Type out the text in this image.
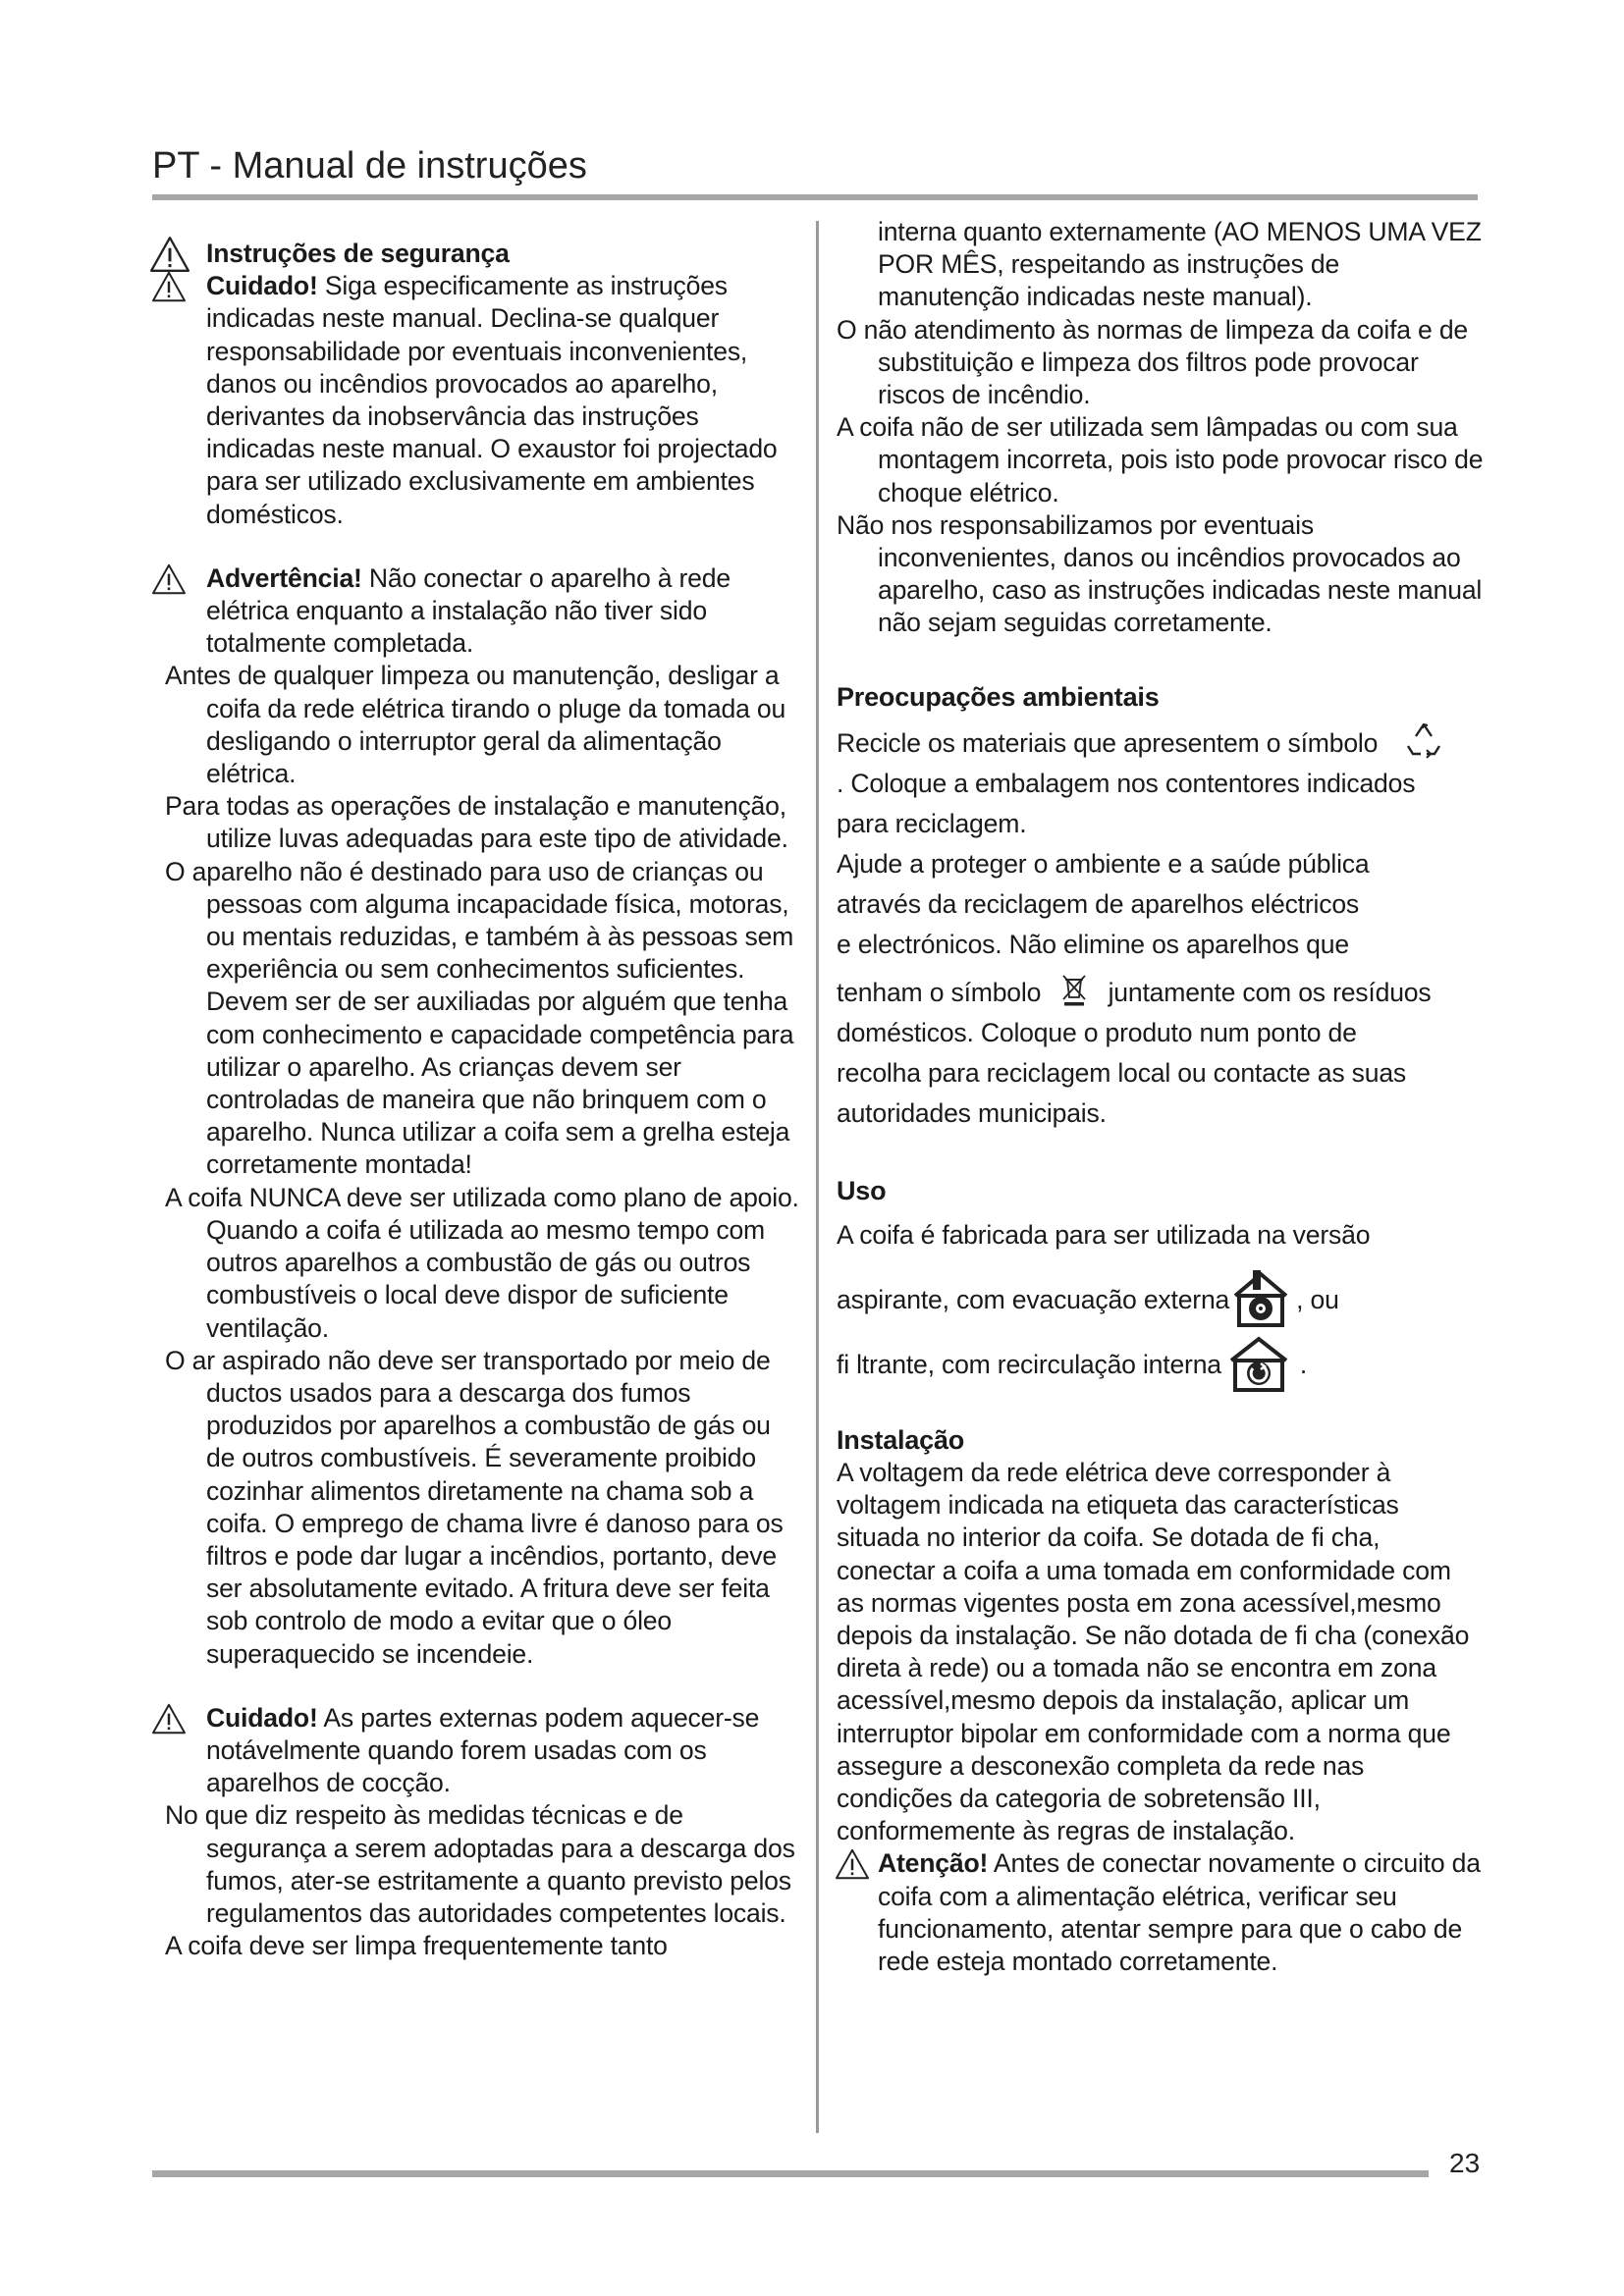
PT - Manual de instruções

Instruções de segurança

Cuidado! Siga especificamente as instruções indicadas neste manual. Declina-se qualquer responsabilidade por eventuais inconvenientes, danos ou incêndios provocados ao aparelho, derivantes da inobservância das instruções indicadas neste manual. O exaustor foi projectado para ser utilizado exclusivamente em ambientes domésticos.

Advertência! Não conectar o aparelho à rede elétrica enquanto a instalação não tiver sido totalmente completada.

Antes de qualquer limpeza ou manutenção, desligar a coifa da rede elétrica tirando o pluge da tomada ou desligando o interruptor geral da alimentação elétrica.

Para todas as operações de instalação e manutenção, utilize luvas adequadas para este tipo de atividade.

O aparelho não é destinado para uso de crianças ou pessoas com alguma incapacidade física, motoras, ou mentais reduzidas, e também à às pessoas sem experiência ou sem conhecimentos suficientes. Devem ser de ser auxiliadas por alguém que tenha com conhecimento e capacidade competência para utilizar o aparelho. As crianças devem ser controladas de maneira que não brinquem com o aparelho. Nunca utilizar a coifa sem a grelha esteja corretamente montada!

A coifa NUNCA deve ser utilizada como plano de apoio. Quando a coifa é utilizada ao mesmo tempo com outros aparelhos a combustão de gás ou outros combustíveis o local deve dispor de suficiente ventilação.

O ar aspirado não deve ser transportado por meio de ductos usados para a descarga dos fumos produzidos por aparelhos a combustão de gás ou de outros combustíveis. É severamente proibido cozinhar alimentos diretamente na chama sob a coifa. O emprego de chama livre é danoso para os filtros e pode dar lugar a incêndios, portanto, deve ser absolutamente evitado. A fritura deve ser feita sob controlo de modo a evitar que o óleo superaquecido se incendeie.

Cuidado! As partes externas podem aquecer-se notávelmente quando forem usadas com os aparelhos de cocção.

No que diz respeito às medidas técnicas e de segurança a serem adoptadas para a descarga dos fumos, ater-se estritamente a quanto previsto pelos regulamentos das autoridades competentes locais.

A coifa deve ser limpa frequentemente tanto

interna quanto externamente (AO MENOS UMA VEZ POR MÊS, respeitando as instruções de manutenção indicadas neste manual).

O não atendimento às normas de limpeza da coifa e de substituição e limpeza dos filtros pode provocar riscos de incêndio.

A coifa não de ser utilizada sem lâmpadas ou com sua montagem incorreta, pois isto pode provocar risco de choque elétrico.

Não nos responsabilizamos por eventuais inconvenientes, danos ou incêndios provocados ao aparelho, caso as instruções indicadas neste manual não sejam seguidas corretamente.

Preocupações ambientais

Recicle os materiais que apresentem o símbolo

. Coloque a embalagem nos contentores indicados

para reciclagem.

Ajude a proteger o ambiente e a saúde pública

através da reciclagem de aparelhos eléctricos

e electrónicos. Não elimine os aparelhos que

tenham o símbolo	juntamente com os resíduos

domésticos. Coloque o produto num ponto de

recolha para reciclagem local ou contacte as suas

autoridades municipais.

Uso

A coifa é fabricada para ser utilizada na versão

aspirante, com evacuação externa	, ou

fi ltrante, com recirculação interna	.

Instalação

A voltagem da rede elétrica deve corresponder à voltagem indicada na etiqueta das características situada no interior da coifa. Se dotada de fi cha, conectar a coifa a uma tomada em conformidade com as normas vigentes posta em zona acessível,mesmo depois da instalação. Se não dotada de fi cha (conexão direta à rede) ou a tomada não se encontra em zona acessível,mesmo depois da instalação, aplicar um interruptor bipolar em conformidade com a norma que assegure a desconexão completa da rede nas condições da categoria de sobretensão III, conformemente às regras de instalação.

Atenção! Antes de conectar novamente o circuito da coifa com a alimentação elétrica, verificar seu funcionamento, atentar sempre para que o cabo de rede esteja montado corretamente.

23
